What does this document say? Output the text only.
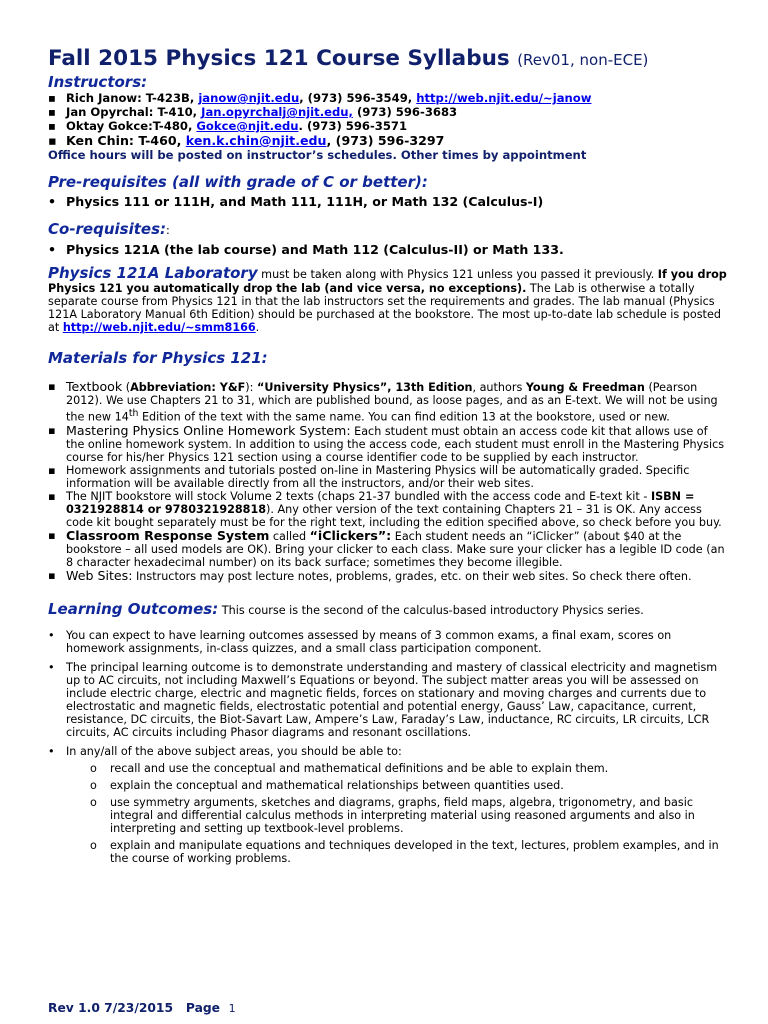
Fall 2015 Physics 121 Course Syllabus (Rev01, non-ECE)
Instructors:
▪ Rich Janow: T-423B, janow@njit.edu, (973) 596-3549, http://web.njit.edu/~janow
▪ Jan Opyrchal: T-410, Jan.opyrchalj@njit.edu, (973) 596-3683
▪ Oktay Gokce:T-480, Gokce@njit.edu. (973) 596-3571
▪ Ken Chin: T-460, ken.k.chin@njit.edu, (973) 596-3297
Office hours will be posted on instructor’s schedules. Other times by appointment
Pre-requisites (all with grade of C or better):
• Physics 111 or 111H, and Math 111, 111H, or Math 132 (Calculus-I)
Co-requisites::
• Physics 121A (the lab course) and Math 112 (Calculus-II) or Math 133.
Physics 121A Laboratory must be taken along with Physics 121 unless you passed it previously. If you drop Physics 121 you automatically drop the lab (and vice versa, no exceptions). The Lab is otherwise a totally separate course from Physics 121 in that the lab instructors set the requirements and grades. The lab manual (Physics 121A Laboratory Manual 6th Edition) should be purchased at the bookstore. The most up-to-date lab schedule is posted at http://web.njit.edu/~smm8166.
Materials for Physics 121:
▪ Textbook (Abbreviation: Y&F): “University Physics”, 13th Edition, authors Young & Freedman (Pearson 2012). We use Chapters 21 to 31, which are published bound, as loose pages, and as an E-text. We will not be using the new 14th Edition of the text with the same name. You can find edition 13 at the bookstore, used or new.
▪ Mastering Physics Online Homework System: Each student must obtain an access code kit that allows use of the online homework system. In addition to using the access code, each student must enroll in the Mastering Physics course for his/her Physics 121 section using a course identifier code to be supplied by each instructor.
▪ Homework assignments and tutorials posted on-line in Mastering Physics will be automatically graded. Specific information will be available directly from all the instructors, and/or their web sites.
▪ The NJIT bookstore will stock Volume 2 texts (chaps 21-37 bundled with the access code and E-text kit - ISBN = 0321928814 or 9780321928818). Any other version of the text containing Chapters 21 – 31 is OK. Any access code kit bought separately must be for the right text, including the edition specified above, so check before you buy.
▪ Classroom Response System called “iClickers”: Each student needs an “iClicker” (about $40 at the bookstore – all used models are OK). Bring your clicker to each class. Make sure your clicker has a legible ID code (an 8 character hexadecimal number) on its back surface; sometimes they become illegible.
▪ Web Sites: Instructors may post lecture notes, problems, grades, etc. on their web sites. So check there often.
Learning Outcomes: This course is the second of the calculus-based introductory Physics series.
• You can expect to have learning outcomes assessed by means of 3 common exams, a final exam, scores on homework assignments, in-class quizzes, and a small class participation component.
• The principal learning outcome is to demonstrate understanding and mastery of classical electricity and magnetism up to AC circuits, not including Maxwell’s Equations or beyond. The subject matter areas you will be assessed on include electric charge, electric and magnetic fields, forces on stationary and moving charges and currents due to electrostatic and magnetic fields, electrostatic potential and potential energy, Gauss’ Law, capacitance, current, resistance, DC circuits, the Biot-Savart Law, Ampere’s Law, Faraday’s Law, inductance, RC circuits, LR circuits, LCR circuits, AC circuits including Phasor diagrams and resonant oscillations.
• In any/all of the above subject areas, you should be able to:
o recall and use the conceptual and mathematical definitions and be able to explain them.
o explain the conceptual and mathematical relationships between quantities used.
o use symmetry arguments, sketches and diagrams, graphs, field maps, algebra, trigonometry, and basic integral and differential calculus methods in interpreting material using reasoned arguments and also in interpreting and setting up textbook-level problems.
o explain and manipulate equations and techniques developed in the text, lectures, problem examples, and in the course of working problems.
Rev 1.0 7/23/2015 Page 1
